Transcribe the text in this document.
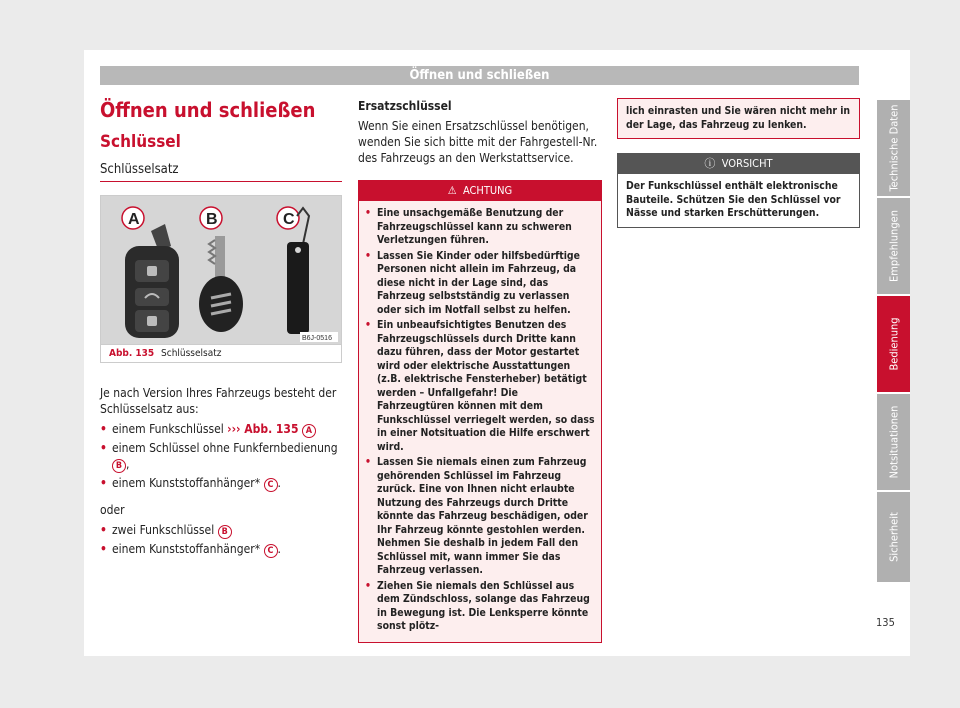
Öffnen und schließen
Öffnen und schließen
Schlüssel
Schlüsselsatz
A	B	C
B6J-0516
Abb. 135 Schlüsselsatz

Je nach Version Ihres Fahrzeugs besteht der Schlüsselsatz aus:

• einem Funkschlüssel ››› Abb. 135 A
• einem Schlüssel ohne Funkfernbedienung B ,
• einem Kunststoffanhänger* C .

oder

• zwei Funkschlüssel B
• einem Kunststoffanhänger* C .

Ersatzschlüssel

Wenn Sie einen Ersatzschlüssel benötigen, wenden Sie sich bitte mit der Fahrgestell-Nr. des Fahrzeugs an den Werkstattservice.

⚠ ACHTUNG
• Eine unsachgemäße Benutzung der Fahrzeugschlüssel kann zu schweren Verletzungen führen.
• Lassen Sie Kinder oder hilfsbedürftige Personen nicht allein im Fahrzeug, da diese nicht in der Lage sind, das Fahrzeug selbstständig zu verlassen oder sich im Notfall selbst zu helfen.
• Ein unbeaufsichtigtes Benutzen des Fahrzeugschlüssels durch Dritte kann dazu führen, dass der Motor gestartet wird oder elektrische Ausstattungen (z.B. elektrische Fensterheber) betätigt werden – Unfallgefahr! Die Fahrzeugtüren können mit dem Funkschlüssel verriegelt werden, so dass in einer Notsituation die Hilfe erschwert wird.
• Lassen Sie niemals einen zum Fahrzeug gehörenden Schlüssel im Fahrzeug zurück. Eine von Ihnen nicht erlaubte Nutzung des Fahrzeugs durch Dritte könnte das Fahrzeug beschädigen, oder Ihr Fahrzeug könnte gestohlen werden. Nehmen Sie deshalb in jedem Fall den Schlüssel mit, wann immer Sie das Fahrzeug verlassen.
• Ziehen Sie niemals den Schlüssel aus dem Zündschloss, solange das Fahrzeug in Bewegung ist. Die Lenksperre könnte sonst plötz-
lich einrasten und Sie wären nicht mehr in der Lage, das Fahrzeug zu lenken.
ⓘ VORSICHT
Der Funkschlüssel enthält elektronische Bauteile. Schützen Sie den Schlüssel vor Nässe und starken Erschütterungen.
Technische Daten
Empfehlungen
Bedienung
Notsituationen
Sicherheit
135
